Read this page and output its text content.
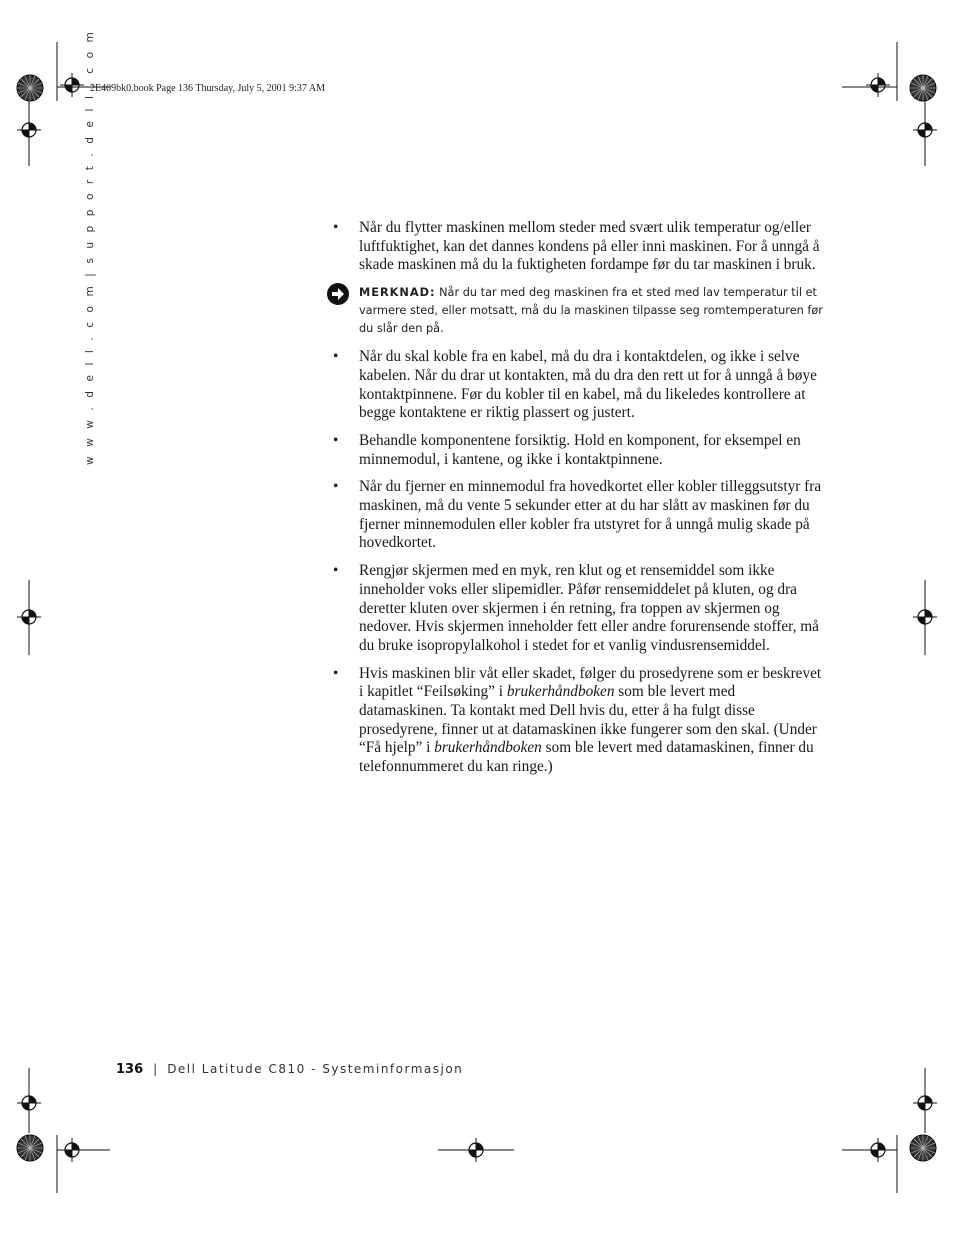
2E409bk0.book Page 136 Thursday, July 5, 2001 9:37 AM
w w w . d e l l . c o m | s u p p o r t . d e l l . c o m	• Når du flytter maskinen mellom steder med svært ulik temperatur og/eller luftfuktighet, kan det dannes kondens på eller inni maskinen. For å unngå å skade maskinen må du la fuktigheten fordampe før du tar maskinen i bruk.
MERKNAD: Når du tar med deg maskinen fra et sted med lav temperatur til et varmere sted, eller motsatt, må du la maskinen tilpasse seg romtemperaturen før du slår den på.
• Når du skal koble fra en kabel, må du dra i kontaktdelen, og ikke i selve kabelen. Når du drar ut kontakten, må du dra den rett ut for å unngå å bøye kontaktpinnene. Før du kobler til en kabel, må du likeledes kontrollere at begge kontaktene er riktig plassert og justert.
• Behandle komponentene forsiktig. Hold en komponent, for eksempel en minnemodul, i kantene, og ikke i kontaktpinnene.
• Når du fjerner en minnemodul fra hovedkortet eller kobler tilleggsutstyr fra maskinen, må du vente 5 sekunder etter at du har slått av maskinen før du fjerner minnemodulen eller kobler fra utstyret for å unngå mulig skade på hovedkortet.
• Rengjør skjermen med en myk, ren klut og et rensemiddel som ikke inneholder voks eller slipemidler. Påfør rensemiddelet på kluten, og dra deretter kluten over skjermen i én retning, fra toppen av skjermen og nedover. Hvis skjermen inneholder fett eller andre forurensende stoffer, må du bruke isopropylalkohol i stedet for et vanlig vindusrensemiddel.
• Hvis maskinen blir våt eller skadet, følger du prosedyrene som er beskrevet i kapitlet “Feilsøking” i brukerhåndboken som ble levert med datamaskinen. Ta kontakt med Dell hvis du, etter å ha fulgt disse prosedyrene, finner ut at datamaskinen ikke fungerer som den skal. (Under “Få hjelp” i brukerhåndboken som ble levert med datamaskinen, finner du telefonnummeret du kan ringe.)
136 | Dell Latitude C810 - Systeminformasjon
